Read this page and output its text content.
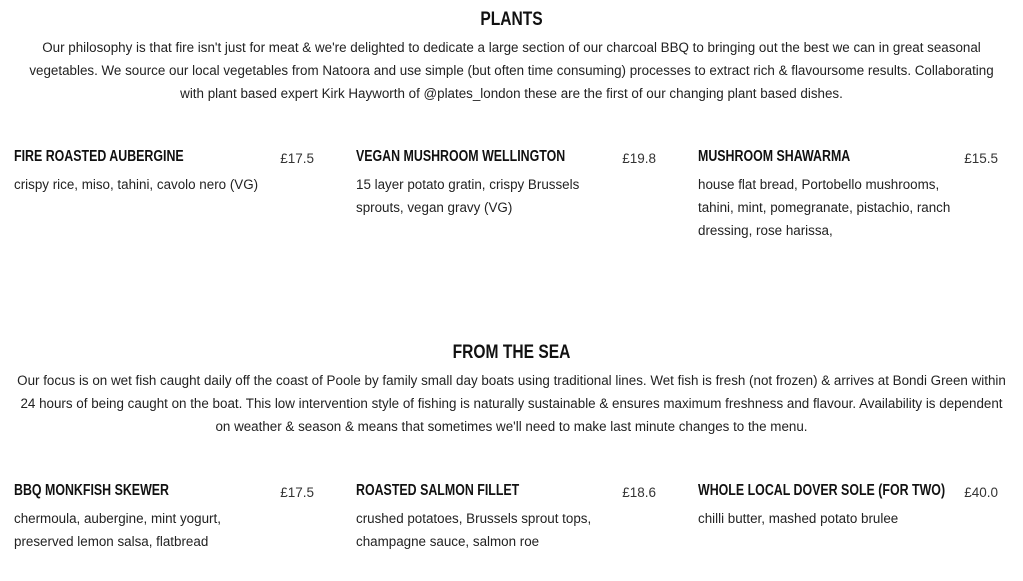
PLANTS

Our philosophy is that fire isn't just for meat & we're delighted to dedicate a large section of our charcoal BBQ to bringing out the best we can in great seasonal vegetables. We source our local vegetables from Natoora and use simple (but often time consuming) processes to extract rich & flavoursome results. Collaborating with plant based expert Kirk Hayworth of @plates_london these are the first of our changing plant based dishes.

FIRE ROASTED AUBERGINE	£17.5
crispy rice, miso, tahini, cavolo nero (VG)
VEGAN MUSHROOM WELLINGTON	£19.8
15 layer potato gratin, crispy Brussels sprouts, vegan gravy (VG)
MUSHROOM SHAWARMA	£15.5
house flat bread, Portobello mushrooms, tahini, mint, pomegranate, pistachio, ranch dressing, rose harissa,
FROM THE SEA

Our focus is on wet fish caught daily off the coast of Poole by family small day boats using traditional lines. Wet fish is fresh (not frozen) & arrives at Bondi Green within 24 hours of being caught on the boat. This low intervention style of fishing is naturally sustainable & ensures maximum freshness and flavour. Availability is dependent on weather & season & means that sometimes we'll need to make last minute changes to the menu.

BBQ MONKFISH SKEWER	£17.5
chermoula, aubergine, mint yogurt, preserved lemon salsa, flatbread
ROASTED SALMON FILLET	£18.6
crushed potatoes, Brussels sprout tops, champagne sauce, salmon roe
WHOLE LOCAL DOVER SOLE (FOR TWO) £40.0
chilli butter, mashed potato brulee
